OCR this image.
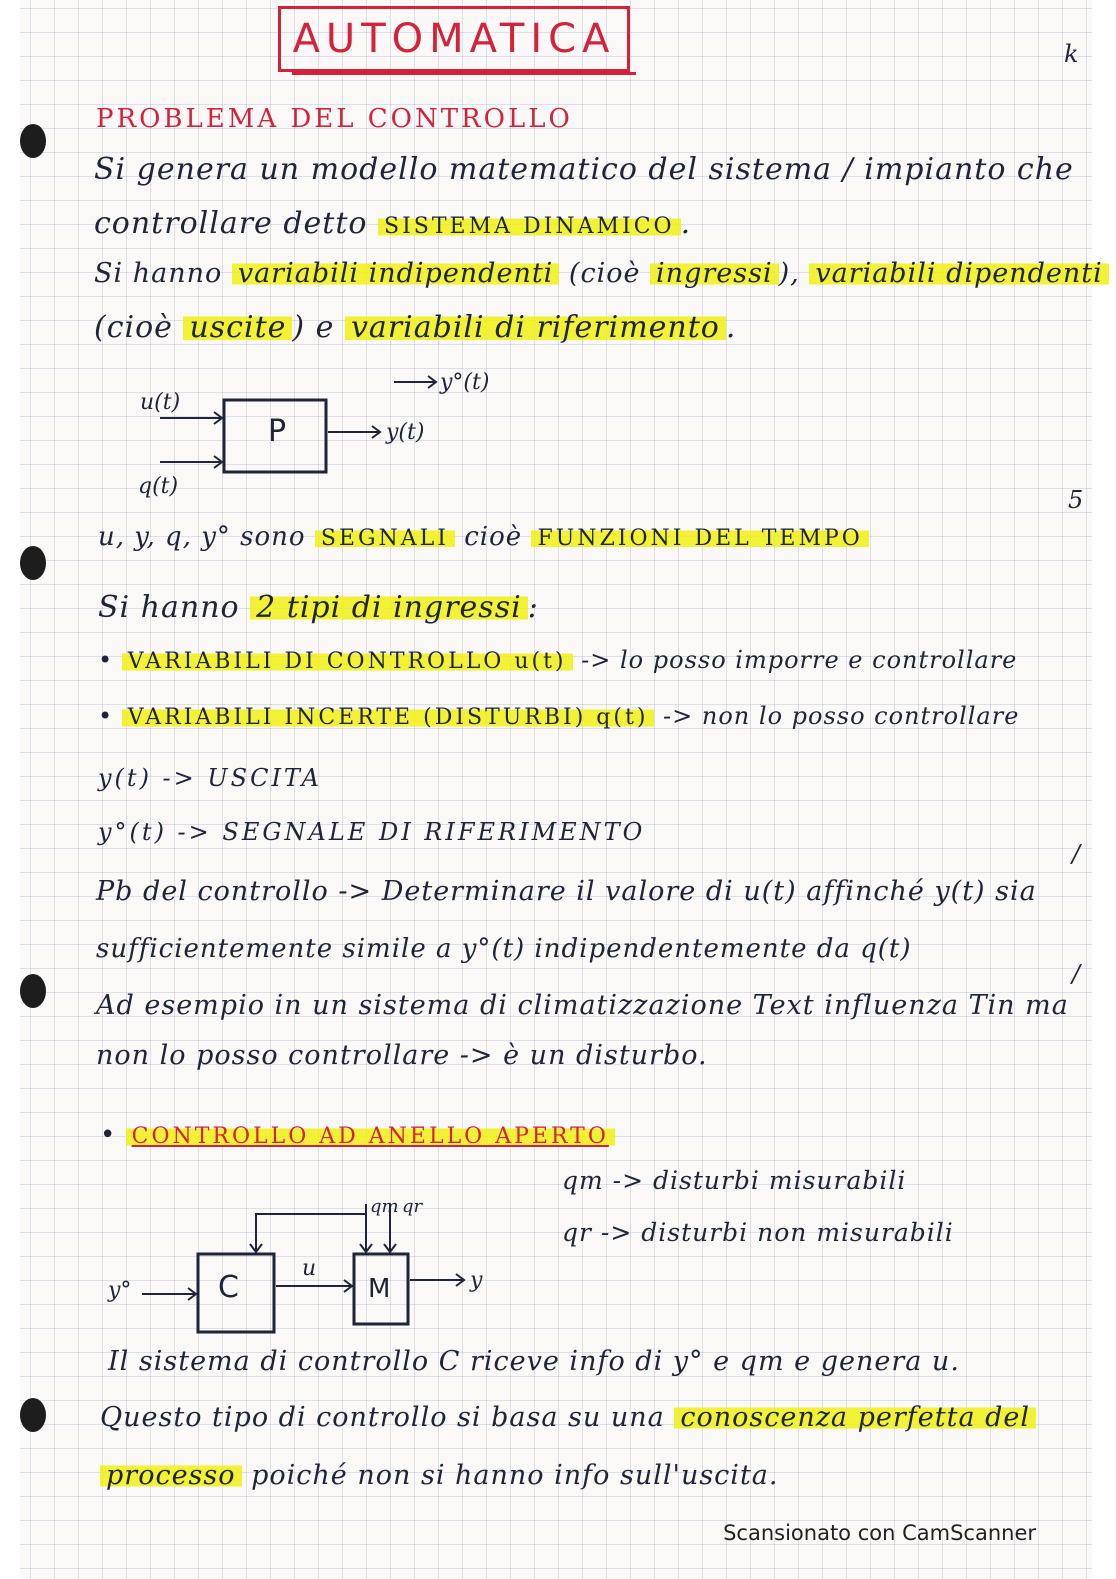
k
5
/
/
AUTOMATICA
PROBLEMA DEL CONTROLLO
Si genera un modello matematico del sistema / impianto che
controllare detto SISTEMA DINAMICO .
Si hanno variabili indipendenti (cioè ingressi ), variabili dipendenti
(cioè uscite ) e variabili di riferimento .
u(t)
q(t)
P	y(t)
y°(t)
u, y, q, y° sono SEGNALI cioè FUNZIONI DEL TEMPO
Si hanno 2 tipi di ingressi :
• VARIABILI DI CONTROLLO u(t) -> lo posso imporre e controllare
• VARIABILI INCERTE (DISTURBI) q(t) -> non lo posso controllare
y(t) -> USCITA
y°(t) -> SEGNALE DI RIFERIMENTO
Pb del controllo -> Determinare il valore di u(t) affinché y(t) sia
sufficientemente simile a y°(t) indipendentemente da q(t)
Ad esempio in un sistema di climatizzazione Text influenza Tin ma
non lo posso controllare -> è un disturbo.
• CONTROLLO AD ANELLO APERTO
qm -> disturbi misurabili
qr -> disturbi non misurabili
y°	C
u
M	y
qm qr
Il sistema di controllo C riceve info di y° e qm e genera u.
Questo tipo di controllo si basa su una conoscenza perfetta del
processo poiché non si hanno info sull'uscita.
Scansionato con CamScanner
